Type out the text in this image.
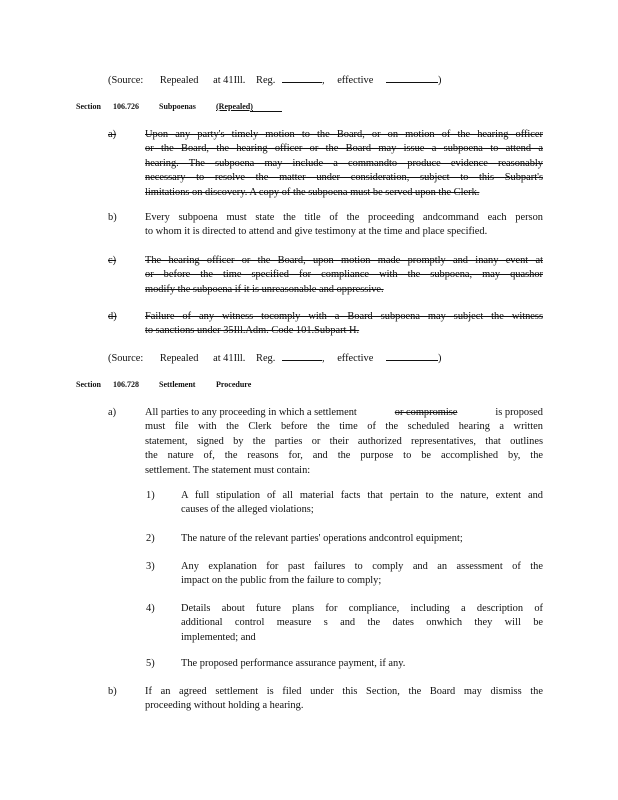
(Source: Repealed at 41Ill. Reg.	, effective	)
Section 106.726	Subpoenas	(Repealed)
a)	Upon any party's timely motion to the Board, or on motion of the hearing officer
or the Board, the hearing officer or the Board may issue a subpoena to attend a
hearing. The subpoena may include a commandto produce evidence reasonably
necessary to resolve the matter under consideration, subject to this Subpart's
limitations on discovery. A copy of the subpoena must be served upon the Clerk.
b)	Every subpoena must state the title of the proceeding andcommand each person
to whom it is directed to attend and give testimony at the time and place specified.
c)	The hearing officer or the Board, upon motion made promptly and inany event at
or before the time specified for compliance with the subpoena, may quashor
modify the subpoena if it is unreasonable and oppressive.
d)	Failure of any witness tocomply with a Board subpoena may subject the witness
to sanctions under 35Ill.Adm. Code 101.Subpart H.
(Source: Repealed at 41Ill. Reg.	, effective	)
Section 106.728	Settlement	Procedure
a)	All parties to any proceeding in which a settlement	or compromise	is proposed
must file with the Clerk before the time of the scheduled hearing a written
statement, signed by the parties or their authorized representatives, that outlines
the nature of, the reasons for, and the purpose to be accomplished by, the
settlement. The statement must contain:
1)	A full stipulation of all material facts that pertain to the nature, extent and
causes of the alleged violations;
2)	The nature of the relevant parties' operations andcontrol equipment;
3)	Any explanation for past failures to comply and an assessment of the
impact on the public from the failure to comply;
4)	Details about future plans for compliance, including a description of
additional control measure s and the dates onwhich they will be
implemented; and
5)	The proposed performance assurance payment, if any.
b)	If an agreed settlement is filed under this Section, the Board may dismiss the
proceeding without holding a hearing.
